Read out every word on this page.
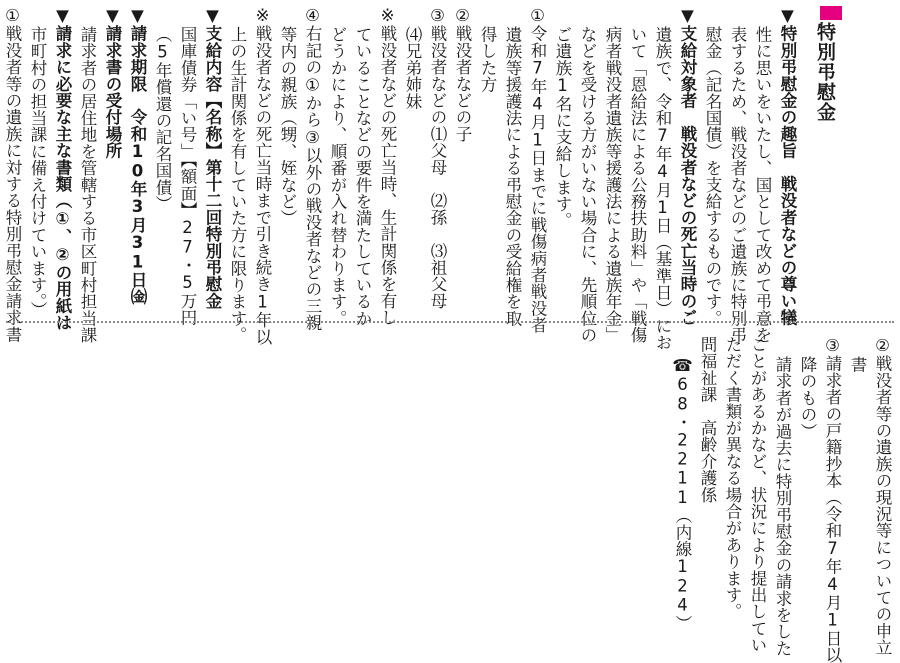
特別弔慰金
▼特別弔慰金の趣旨　戦没者などの尊い犠
性に思いをいたし、国として改めて弔意を
表するため、戦没者などのご遺族に特別弔
慰金（記名国債）を支給するものです。
▼支給対象者　戦没者などの死亡当時のご
遺族で、令和7年4月1日（基準日）にお
いて「恩給法による公務扶助料」や「戦傷
病者戦没者遺族等援護法による遺族年金」
などを受ける方がいない場合に、先順位の
ご遺族1名に支給します。
①令和7年4月1日までに戦傷病者戦没者
遺族等援護法による弔慰金の受給権を取
得した方
②戦没者などの子
③戦没者などの⑴父母　⑵孫　⑶祖父母
⑷兄弟姉妹
※戦没者などの死亡当時、生計関係を有し
ていることなどの要件を満たしているか
どうかにより、順番が入れ替わります。
④右記の①から③以外の戦没者などの三親
等内の親族（甥、姪など）
※戦没者などの死亡当時まで引き続き1年以
上の生計関係を有していた方に限ります。
▼支給内容【名称】第十二回特別弔慰金
国庫債券「い号」【額面】27・5万円
（5年償還の記名国債）
▼請求期限　令和10年3月31日㈮
▼請求書の受付場所
請求者の居住地を管轄する市区町村担当課
▼請求に必要な主な書類（①、②の用紙は
市町村の担当課に備え付けています。）
①戦没者等の遺族に対する特別弔慰金請求書
②戦没者等の遺族の現況等についての申立
書
③請求者の戸籍抄本（令和7年4月1日以
降のもの）
請求者が過去に特別弔慰金の請求をした
ことがあるかなど、状況により提出してい
ただく書類が異なる場合があります。
問福祉課　高齢介護係
☎68・2211（内線124）
